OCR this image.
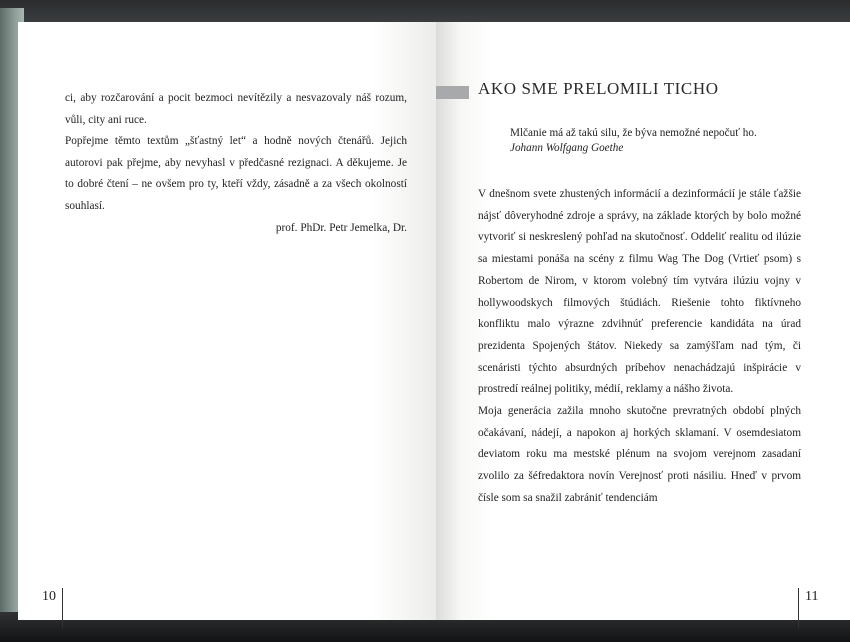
ci, aby rozčarování a pocit bezmoci nevítězily a nesvazovaly náš rozum, vůli, city ani ruce.

Popřejme těmto textům „šťastný let“ a hodně nových čtenářů. Jejich autorovi pak přejme, aby nevyhasl v předčasné rezignaci. A děkujeme. Je to dobré čtení – ne ovšem pro ty, kteří vždy, zásadně a za všech okolností souhlasí.

prof. PhDr. Petr Jemelka, Dr.

10
AKO SME PRELOMILI TICHO
Mlčanie má až takú silu, že býva nemožné nepočuť ho.
Johann Wolfgang Goethe

V dnešnom svete zhustených informácií a dezinformácií je stále ťažšie nájsť dôveryhodné zdroje a správy, na základe ktorých by bolo možné vytvoriť si neskreslený pohľad na skutočnosť. Oddeliť realitu od ilúzie sa miestami ponáša na scény z filmu Wag The Dog (Vrtieť psom) s Robertom de Nirom, v ktorom volebný tím vytvára ilúziu vojny v hollywoodskych filmových štúdiách. Riešenie tohto fiktívneho konfliktu malo výrazne zdvihnúť preferencie kandidáta na úrad prezidenta Spojených štátov. Niekedy sa zamýšľam nad tým, či scenáristi týchto absurdných príbehov nenachádzajú inšpirácie v prostredí reálnej politiky, médií, reklamy a nášho života.

Moja generácia zažila mnoho skutočne prevratných období plných očakávaní, nádejí, a napokon aj horkých sklamaní. V osemdesiatom deviatom roku ma mestské plénum na svojom verejnom zasadaní zvolilo za šéfredaktora novín Verejnosť proti násiliu. Hneď v prvom čísle som sa snažil zabrániť tendenciám

11
